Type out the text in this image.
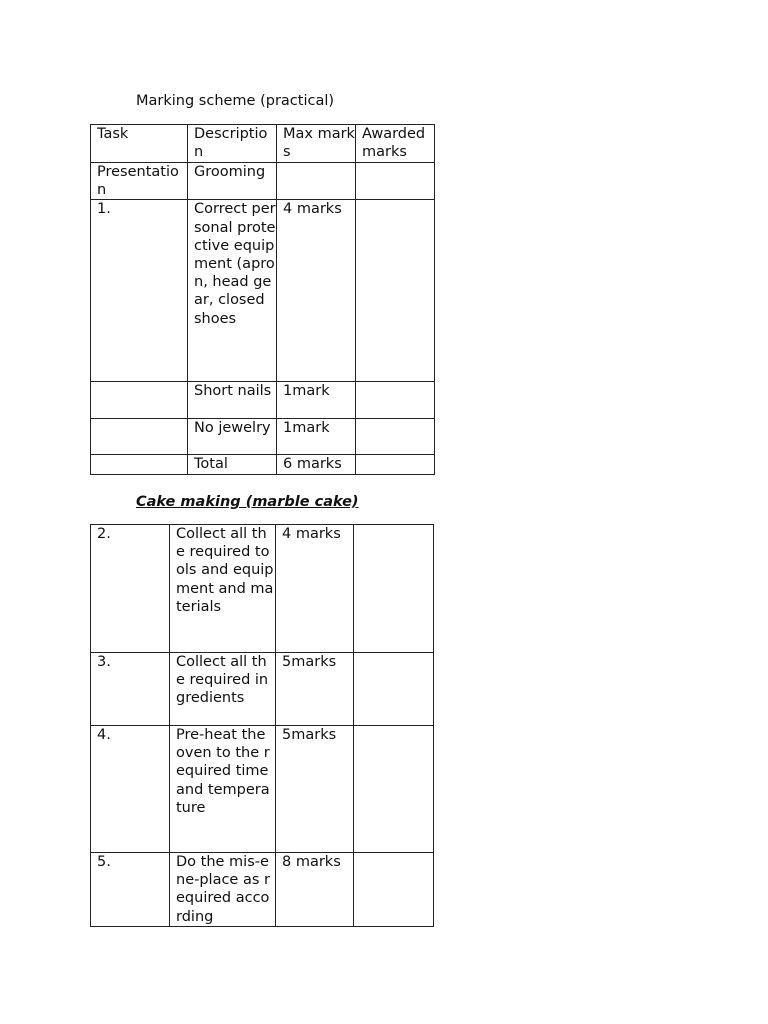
Marking scheme (practical)
Task	Description	Max marks	Awarded marks
Presentation	Grooming		
1.	Correct personal protective equipment (apron, head gear, closed shoes	4 marks	
	Short nails	1mark	
	No jewelry	1mark	
	Total	6 marks	
Cake making (marble cake)
2.	Collect all the required tools and equipment and materials	4 marks	
3.	Collect all the required ingredients	5marks	
4.	Pre-heat the oven to the required time and temperature	5marks	
5.	Do the mis-ene-place as required according	8 marks	
